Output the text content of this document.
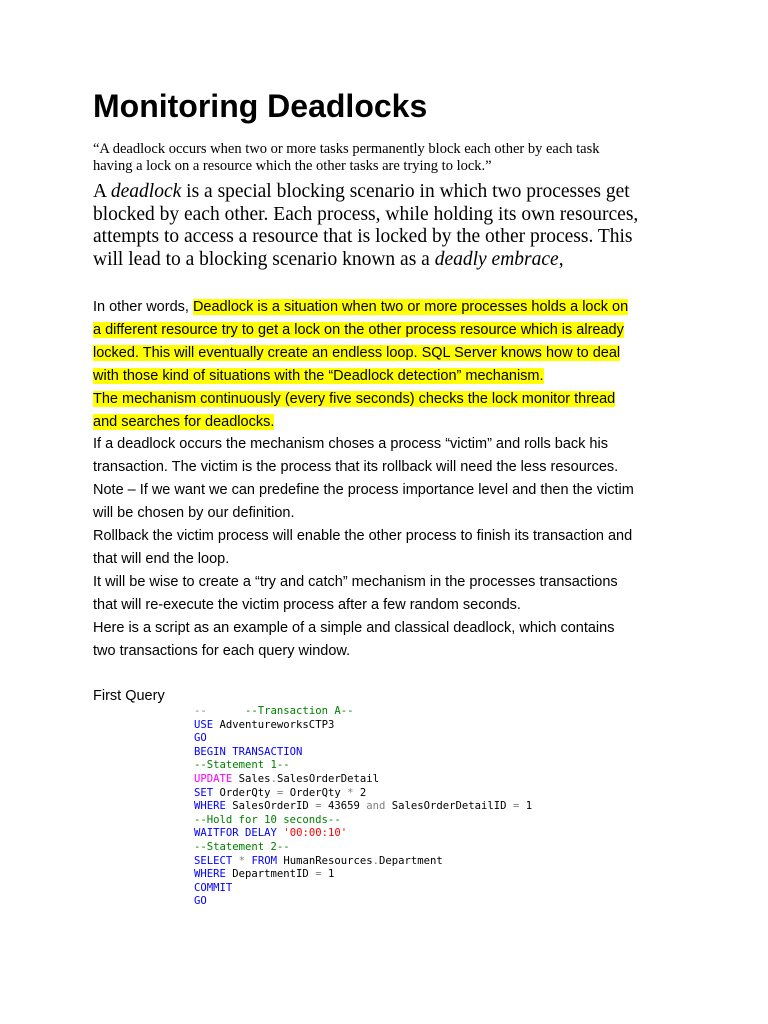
Monitoring Deadlocks
“A deadlock occurs when two or more tasks permanently block each other by each task
having a lock on a resource which the other tasks are trying to lock.”
A deadlock is a special blocking scenario in which two processes get
blocked by each other. Each process, while holding its own resources,
attempts to access a resource that is locked by the other process. This
will lead to a blocking scenario known as a deadly embrace,
In other words, Deadlock is a situation when two or more processes holds a lock on
a different resource try to get a lock on the other process resource which is already
locked. This will eventually create an endless loop. SQL Server knows how to deal
with those kind of situations with the “Deadlock detection” mechanism.
The mechanism continuously (every five seconds) checks the lock monitor thread
and searches for deadlocks.
If a deadlock occurs the mechanism choses a process “victim” and rolls back his
transaction. The victim is the process that its rollback will need the less resources.
Note – If we want we can predefine the process importance level and then the victim
will be chosen by our definition.
Rollback the victim process will enable the other process to finish its transaction and
that will end the loop.
It will be wise to create a “try and catch” mechanism in the processes transactions
that will re-execute the victim process after a few random seconds.
Here is a script as an example of a simple and classical deadlock, which contains
two transactions for each query window.
First Query
--      --Transaction A--
USE AdventureworksCTP3
GO
BEGIN TRANSACTION
--Statement 1--
UPDATE Sales.SalesOrderDetail
SET OrderQty = OrderQty * 2
WHERE SalesOrderID = 43659 and SalesOrderDetailID = 1
--Hold for 10 seconds--
WAITFOR DELAY '00:00:10'
--Statement 2--
SELECT * FROM HumanResources.Department
WHERE DepartmentID = 1
COMMIT
GO
